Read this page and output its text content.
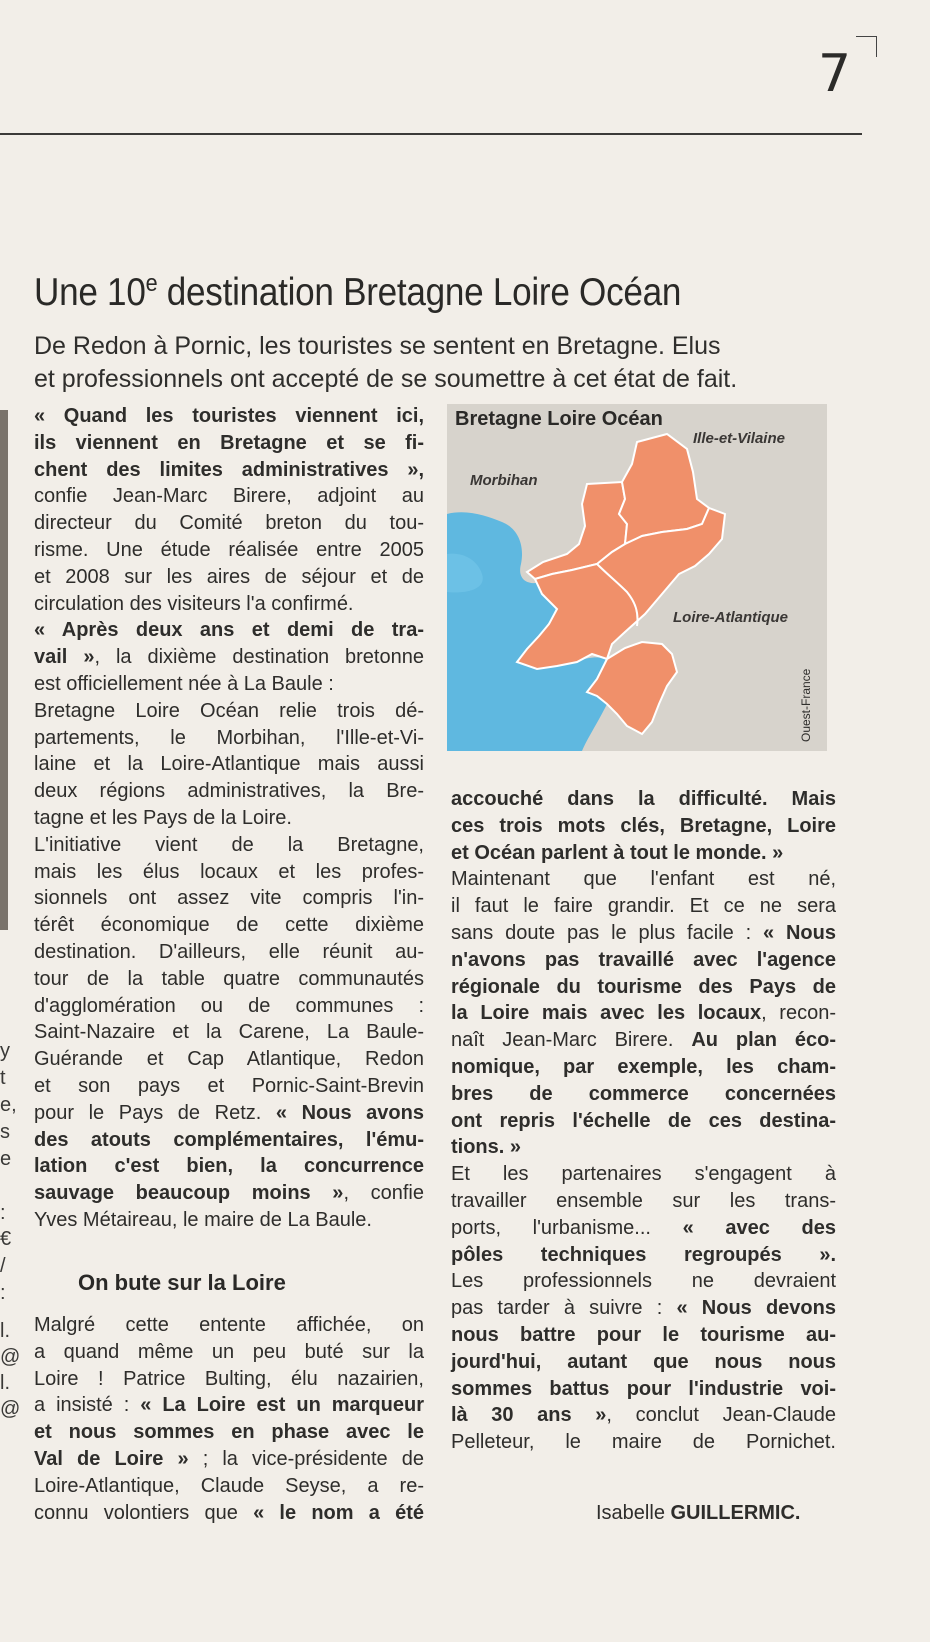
7
Une 10e destination Bretagne Loire Océan

De Redon à Pornic, les touristes se sentent en Bretagne. Elus
et professionnels ont accepté de se soumettre à cet état de fait.

« Quand les touristes viennent ici,
ils viennent en Bretagne et se fi-
chent des limites administratives »,
confie Jean-Marc Birere, adjoint au
directeur du Comité breton du tou-
risme. Une étude réalisée entre 2005
et 2008 sur les aires de séjour et de
circulation des visiteurs l'a confirmé.
« Après deux ans et demi de tra-
vail », la dixième destination bretonne
est officiellement née à La Baule :
Bretagne Loire Océan relie trois dé-
partements, le Morbihan, l'Ille-et-Vi-
laine et la Loire-Atlantique mais aussi
deux régions administratives, la Bre-
tagne et les Pays de la Loire.
L'initiative vient de la Bretagne,
mais les élus locaux et les profes-
sionnels ont assez vite compris l'in-
térêt économique de cette dixième
destination. D'ailleurs, elle réunit au-
tour de la table quatre communautés
d'agglomération ou de communes :
Saint-Nazaire et la Carene, La Baule-
Guérande et Cap Atlantique, Redon
et son pays et Pornic-Saint-Brevin
pour le Pays de Retz. « Nous avons
des atouts complémentaires, l'ému-
lation c'est bien, la concurrence
sauvage beaucoup moins », confie
Yves Métaireau, le maire de La Baule.
On bute sur la Loire
Malgré cette entente affichée, on
a quand même un peu buté sur la
Loire ! Patrice Bulting, élu nazairien,
a insisté : « La Loire est un marqueur
et nous sommes en phase avec le
Val de Loire » ; la vice-présidente de
Loire-Atlantique, Claude Seyse, a re-
connu volontiers que « le nom a été
accouché dans la difficulté. Mais
ces trois mots clés, Bretagne, Loire
et Océan parlent à tout le monde. »
Maintenant que l'enfant est né,
il faut le faire grandir. Et ce ne sera
sans doute pas le plus facile : « Nous
n'avons pas travaillé avec l'agence
régionale du tourisme des Pays de
la Loire mais avec les locaux, recon-
naît Jean-Marc Birere. Au plan éco-
nomique, par exemple, les cham-
bres de commerce concernées
ont repris l'échelle de ces destina-
tions. »
Et les partenaires s'engagent à
travailler ensemble sur les trans-
ports, l'urbanisme... « avec des
pôles techniques regroupés ».
Les professionnels ne devraient
pas tarder à suivre : « Nous devons
nous battre pour le tourisme au-
jourd'hui, autant que nous nous
sommes battus pour l'industrie voi-
là 30 ans », conclut Jean-Claude
Pelleteur, le maire de Pornichet.
y
t
e,
s
e
:
€
/
:
l.
@
l.
@
Bretagne Loire Océan
Ille-et-Vilaine
Morbihan
Loire-Atlantique
Ouest-France
Isabelle GUILLERMIC.
